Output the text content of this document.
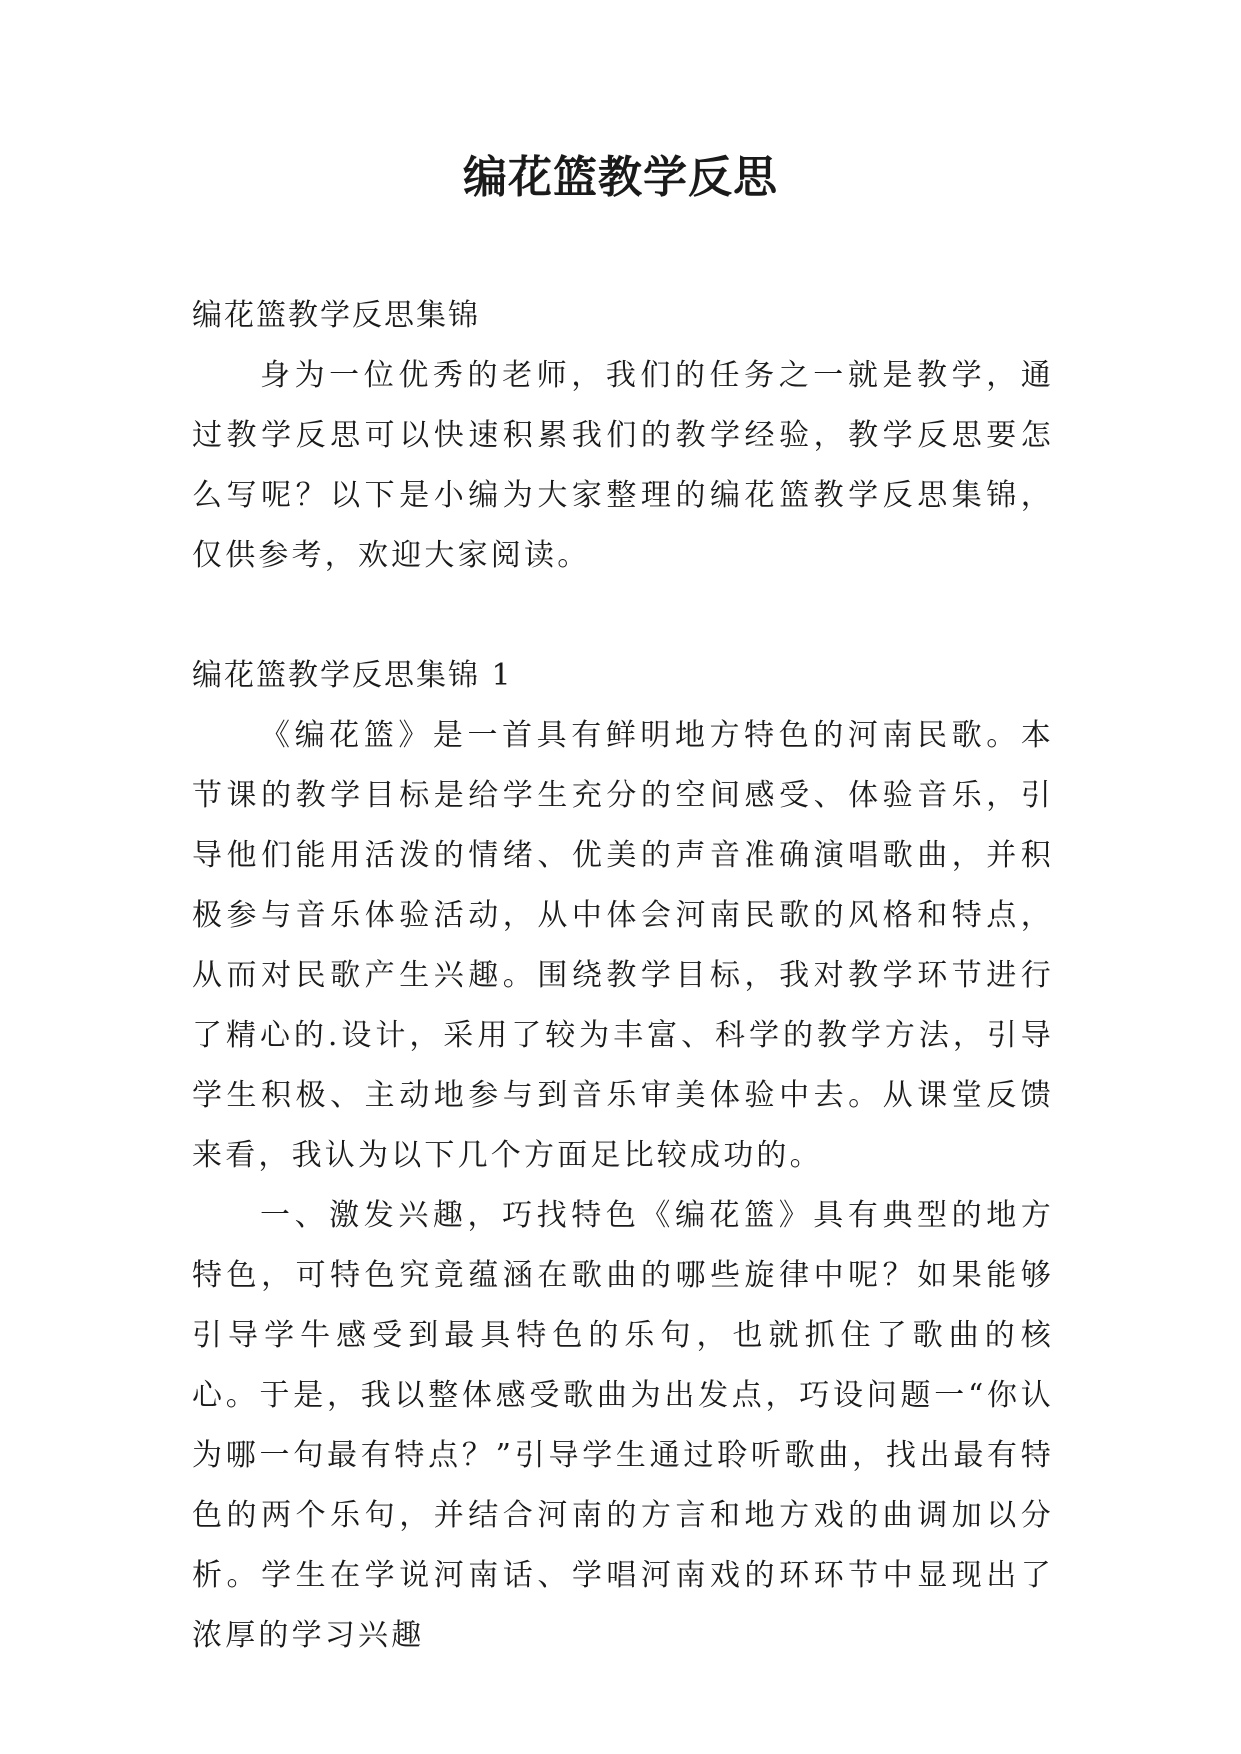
编花篮教学反思

编花篮教学反思集锦

身为一位优秀的老师，我们的任务之一就是教学，通过教学反思可以快速积累我们的教学经验，教学反思要怎么写呢？以下是小编为大家整理的编花篮教学反思集锦，仅供参考，欢迎大家阅读。

编花篮教学反思集锦 1

《编花篮》是一首具有鲜明地方特色的河南民歌。本节课的教学目标是给学生充分的空间感受、体验音乐，引导他们能用活泼的情绪、优美的声音准确演唱歌曲，并积极参与音乐体验活动，从中体会河南民歌的风格和特点，从而对民歌产生兴趣。围绕教学目标，我对教学环节进行了精心的.设计，采用了较为丰富、科学的教学方法，引导学生积极、主动地参与到音乐审美体验中去。从课堂反馈来看，我认为以下几个方面足比较成功的。

一、激发兴趣，巧找特色《编花篮》具有典型的地方特色，可特色究竟蕴涵在歌曲的哪些旋律中呢？如果能够引导学牛感受到最具特色的乐句，也就抓住了歌曲的核心。于是，我以整体感受歌曲为出发点，巧设问题一“你认为哪一句最有特点？”引导学生通过聆听歌曲，找出最有特色的两个乐句，并结合河南的方言和地方戏的曲调加以分析。学生在学说河南话、学唱河南戏的环环节中显现出了浓厚的学习兴趣
